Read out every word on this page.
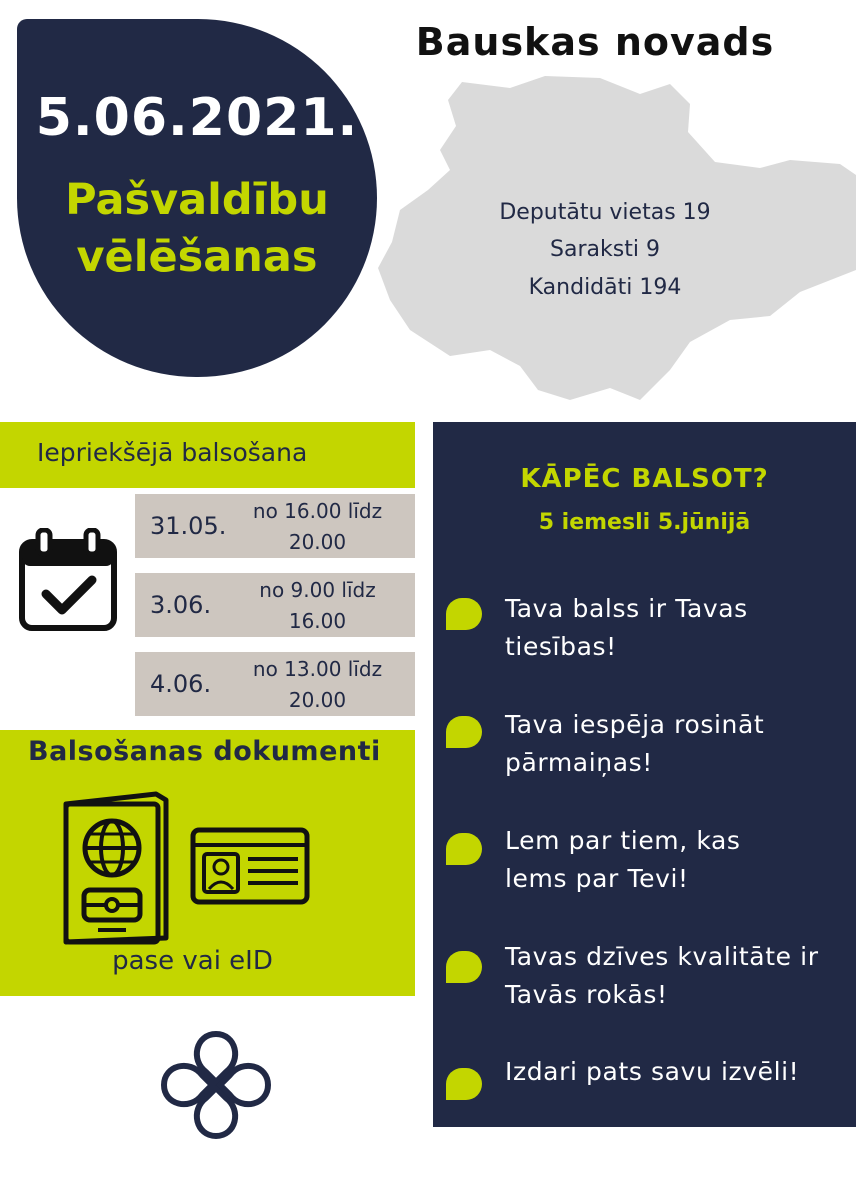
5.06.2021.
Pašvaldību
vēlēšanas
Bauskas novads
Deputātu vietas 19
Saraksti 9
Kandidāti 194
Iepriekšējā balsošana
31.05.
no 16.00 līdz
20.00
3.06.
no 9.00 līdz
16.00
4.06.
no 13.00 līdz
20.00
Balsošanas dokumenti
pase vai eID
KĀPĒC BALSOT?
5 iemesli 5.jūnijā
Tava balss ir Tavas
tiesības!
Tava iespēja rosināt
pārmaiņas!
Lem par tiem, kas
lems par Tevi!
Tavas dzīves kvalitāte ir
Tavās rokās!
Izdari pats savu izvēli!
